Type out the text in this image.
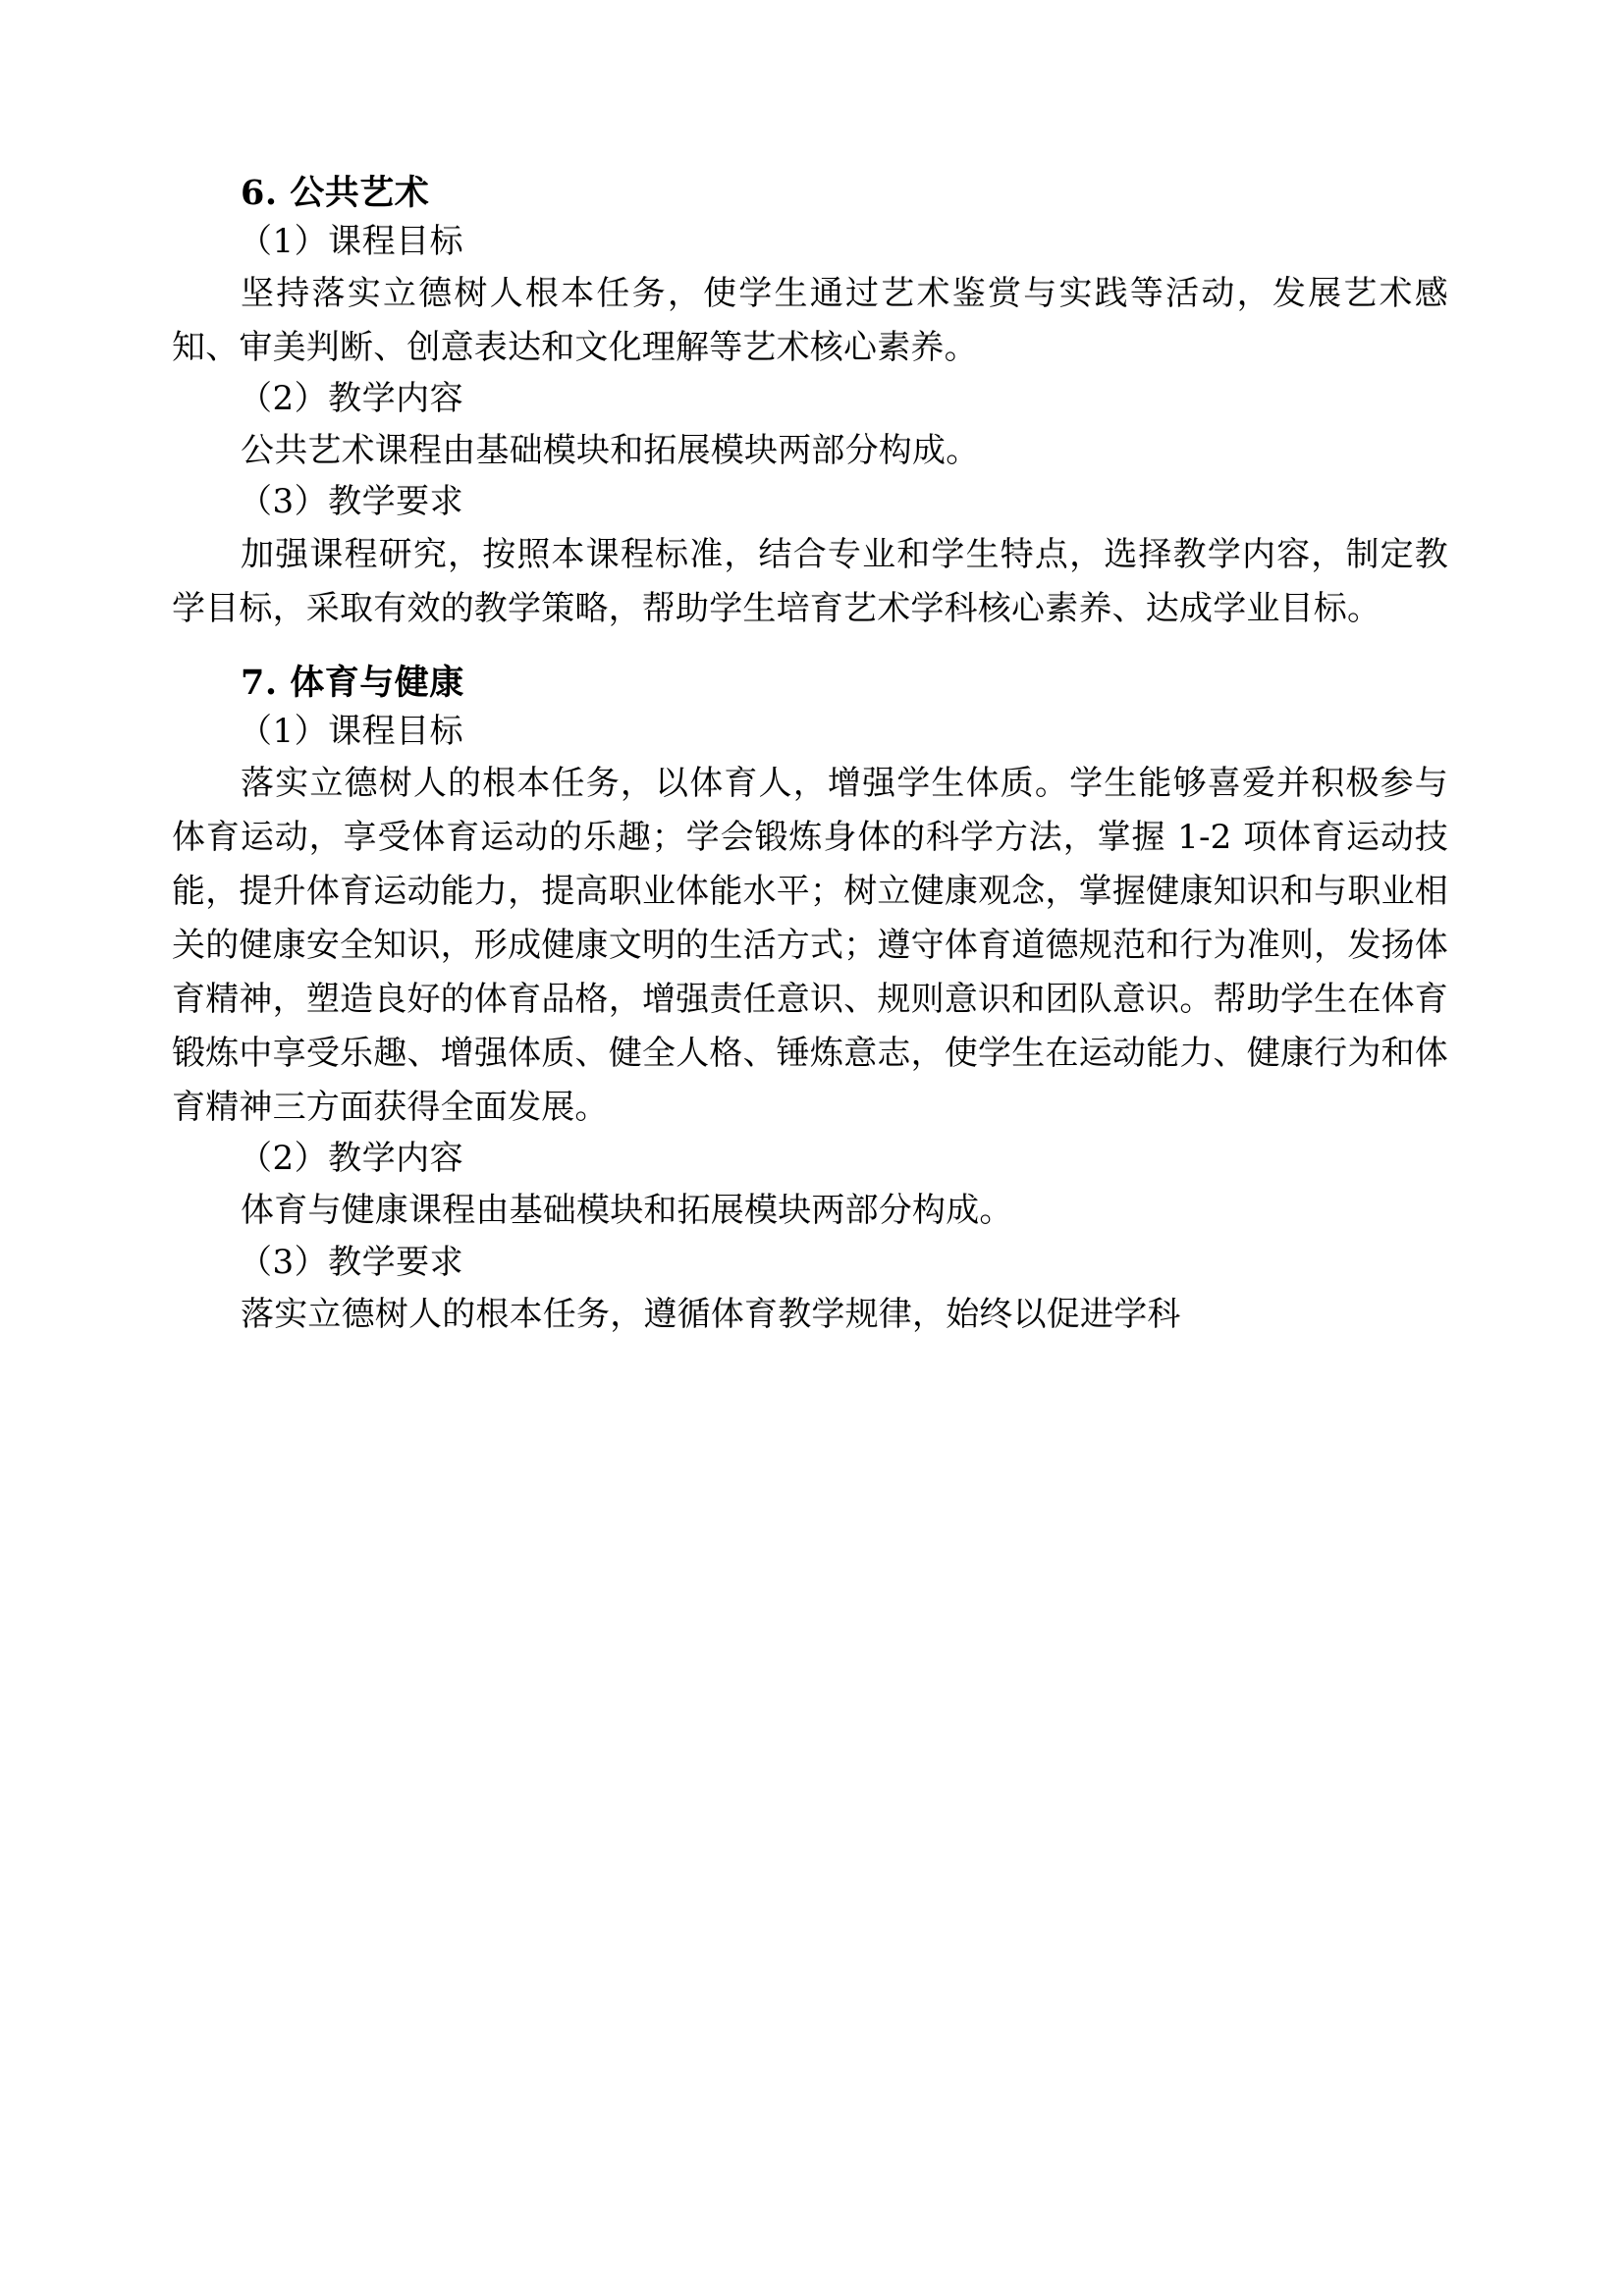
6. 公共艺术

（1）课程目标

坚持落实立德树人根本任务，使学生通过艺术鉴赏与实践等活动，发展艺术感知、审美判断、创意表达和文化理解等艺术核心素养。

（2）教学内容

公共艺术课程由基础模块和拓展模块两部分构成。

（3）教学要求

加强课程研究，按照本课程标准，结合专业和学生特点，选择教学内容，制定教学目标，采取有效的教学策略，帮助学生培育艺术学科核心素养、达成学业目标。

7. 体育与健康

（1）课程目标

落实立德树人的根本任务，以体育人，增强学生体质。学生能够喜爱并积极参与体育运动，享受体育运动的乐趣；学会锻炼身体的科学方法，掌握 1-2 项体育运动技能，提升体育运动能力，提高职业体能水平；树立健康观念，掌握健康知识和与职业相关的健康安全知识，形成健康文明的生活方式；遵守体育道德规范和行为准则，发扬体育精神，塑造良好的体育品格，增强责任意识、规则意识和团队意识。帮助学生在体育锻炼中享受乐趣、增强体质、健全人格、锤炼意志，使学生在运动能力、健康行为和体育精神三方面获得全面发展。

（2）教学内容

体育与健康课程由基础模块和拓展模块两部分构成。

（3）教学要求

落实立德树人的根本任务，遵循体育教学规律，始终以促进学科
